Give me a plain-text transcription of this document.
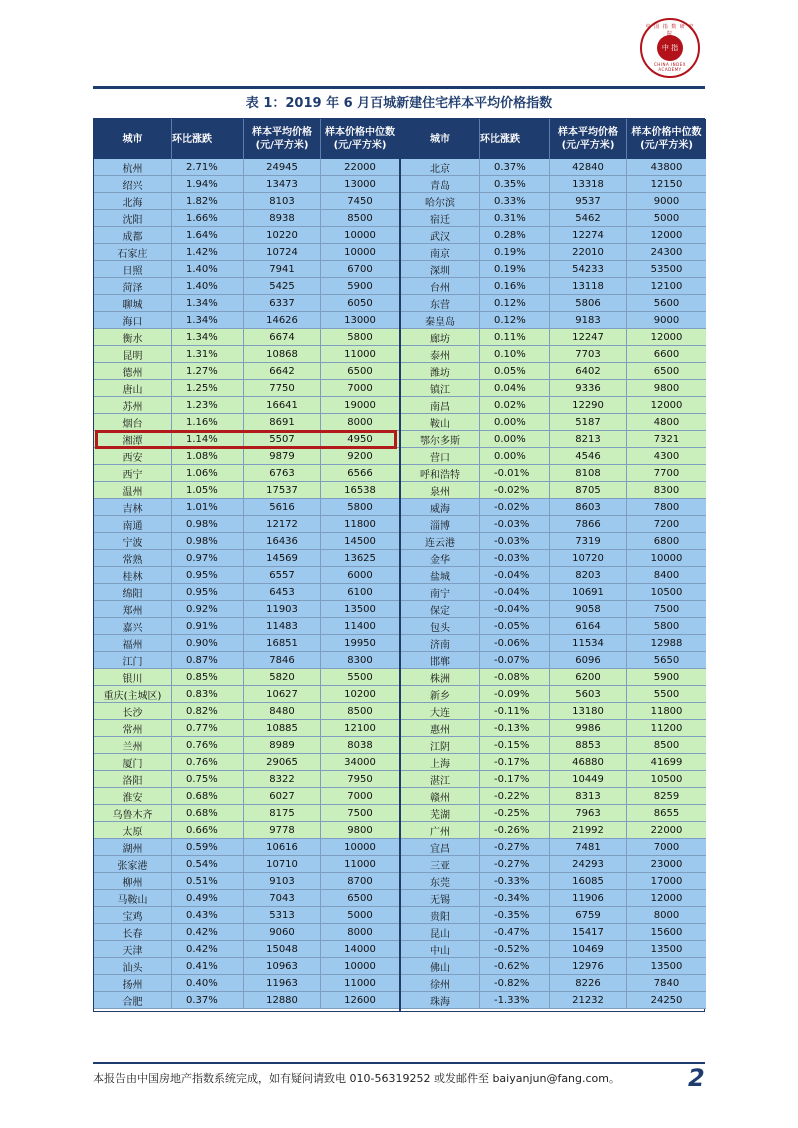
中 国 指 数 研 究 院
中 指
CHINA INDEX ACADEMY
表 1：2019 年 6 月百城新建住宅样本平均价格指数
城市	环比涨跌
样本平均价格
(元/平方米)
样本价格中位数
(元/平方米)
杭州	2.71%	24945	22000
绍兴	1.94%	13473	13000
北海	1.82%	8103	7450
沈阳	1.66%	8938	8500
成都	1.64%	10220	10000
石家庄	1.42%	10724	10000
日照	1.40%	7941	6700
菏泽	1.40%	5425	5900
聊城	1.34%	6337	6050
海口	1.34%	14626	13000
衡水	1.34%	6674	5800
昆明	1.31%	10868	11000
德州	1.27%	6642	6500
唐山	1.25%	7750	7000
苏州	1.23%	16641	19000
烟台	1.16%	8691	8000
湘潭	1.14%	5507	4950
西安	1.08%	9879	9200
西宁	1.06%	6763	6566
温州	1.05%	17537	16538
吉林	1.01%	5616	5800
南通	0.98%	12172	11800
宁波	0.98%	16436	14500
常熟	0.97%	14569	13625
桂林	0.95%	6557	6000
绵阳	0.95%	6453	6100
郑州	0.92%	11903	13500
嘉兴	0.91%	11483	11400
福州	0.90%	16851	19950
江门	0.87%	7846	8300
银川	0.85%	5820	5500
重庆(主城区)	0.83%	10627	10200
长沙	0.82%	8480	8500
常州	0.77%	10885	12100
兰州	0.76%	8989	8038
厦门	0.76%	29065	34000
洛阳	0.75%	8322	7950
淮安	0.68%	6027	7000
乌鲁木齐	0.68%	8175	7500
太原	0.66%	9778	9800
湖州	0.59%	10616	10000
张家港	0.54%	10710	11000
柳州	0.51%	9103	8700
马鞍山	0.49%	7043	6500
宝鸡	0.43%	5313	5000
长春	0.42%	9060	8000
天津	0.42%	15048	14000
汕头	0.41%	10963	10000
扬州	0.40%	11963	11000
合肥	0.37%	12880	12600
城市	环比涨跌
样本平均价格
(元/平方米)
样本价格中位数
(元/平方米)
北京	0.37%	42840	43800
青岛	0.35%	13318	12150
哈尔滨	0.33%	9537	9000
宿迁	0.31%	5462	5000
武汉	0.28%	12274	12000
南京	0.19%	22010	24300
深圳	0.19%	54233	53500
台州	0.16%	13118	12100
东营	0.12%	5806	5600
秦皇岛	0.12%	9183	9000
廊坊	0.11%	12247	12000
泰州	0.10%	7703	6600
潍坊	0.05%	6402	6500
镇江	0.04%	9336	9800
南昌	0.02%	12290	12000
鞍山	0.00%	5187	4800
鄂尔多斯	0.00%	8213	7321
营口	0.00%	4546	4300
呼和浩特	-0.01%	8108	7700
泉州	-0.02%	8705	8300
威海	-0.02%	8603	7800
淄博	-0.03%	7866	7200
连云港	-0.03%	7319	6800
金华	-0.03%	10720	10000
盐城	-0.04%	8203	8400
南宁	-0.04%	10691	10500
保定	-0.04%	9058	7500
包头	-0.05%	6164	5800
济南	-0.06%	11534	12988
邯郸	-0.07%	6096	5650
株洲	-0.08%	6200	5900
新乡	-0.09%	5603	5500
大连	-0.11%	13180	11800
惠州	-0.13%	9986	11200
江阴	-0.15%	8853	8500
上海	-0.17%	46880	41699
湛江	-0.17%	10449	10500
赣州	-0.22%	8313	8259
芜湖	-0.25%	7963	8655
广州	-0.26%	21992	22000
宜昌	-0.27%	7481	7000
三亚	-0.27%	24293	23000
东莞	-0.33%	16085	17000
无锡	-0.34%	11906	12000
贵阳	-0.35%	6759	8000
昆山	-0.47%	15417	15600
中山	-0.52%	10469	13500
佛山	-0.62%	12976	13500
徐州	-0.82%	8226	7840
珠海	-1.33%	21232	24250
本报告由中国房地产指数系统完成，如有疑问请致电 010-56319252 或发邮件至 baiyanjun@fang.com。	2
